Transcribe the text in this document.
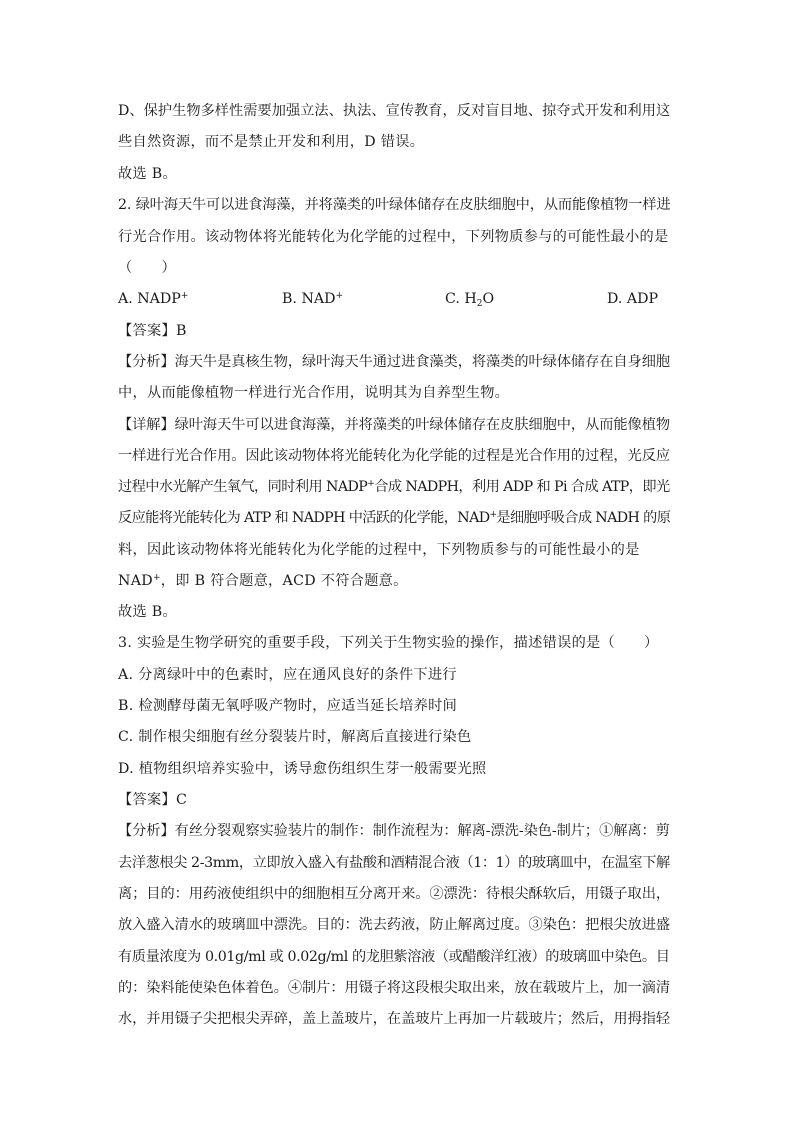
D、保护生物多样性需要加强立法、执法、宣传教育，反对盲目地、掠夺式开发和利用这
些自然资源，而不是禁止开发和利用，D 错误。
故选 B。
2. 绿叶海天牛可以进食海藻，并将藻类的叶绿体储存在皮肤细胞中，从而能像植物一样进
行光合作用。该动物体将光能转化为化学能的过程中，下列物质参与的可能性最小的是
（　　）
A. NADP+	B. NAD+	C. $H_2O$	D. ADP
【答案】B
【分析】海天牛是真核生物，绿叶海天牛通过进食藻类，将藻类的叶绿体储存在自身细胞
中，从而能像植物一样进行光合作用，说明其为自养型生物。
【详解】绿叶海天牛可以进食海藻，并将藻类的叶绿体储存在皮肤细胞中，从而能像植物
一样进行光合作用。因此该动物体将光能转化为化学能的过程是光合作用的过程，光反应
过程中水光解产生氧气，同时利用 NADP+合成 NADPH，利用 ADP 和 Pi 合成 ATP，即光
反应能将光能转化为 ATP 和 NADPH 中活跃的化学能，NAD+是细胞呼吸合成 NADH 的原
料，因此该动物体将光能转化为化学能的过程中，下列物质参与的可能性最小的是
NAD+，即 B 符合题意，ACD 不符合题意。
故选 B。
3. 实验是生物学研究的重要手段，下列关于生物实验的操作，描述错误的是（　　）
A. 分离绿叶中的色素时，应在通风良好的条件下进行
B. 检测酵母菌无氧呼吸产物时，应适当延长培养时间
C. 制作根尖细胞有丝分裂装片时，解离后直接进行染色
D. 植物组织培养实验中，诱导愈伤组织生芽一般需要光照
【答案】C
【分析】有丝分裂观察实验装片的制作：制作流程为：解离-漂洗-染色-制片；①解离：剪
去洋葱根尖 2-3mm，立即放入盛入有盐酸和酒精混合液（1：1）的玻璃皿中，在温室下解
离；目的：用药液使组织中的细胞相互分离开来。②漂洗：待根尖酥软后，用镊子取出，
放入盛入清水的玻璃皿中漂洗。目的：洗去药液，防止解离过度。③染色：把根尖放进盛
有质量浓度为 0.01g/ml 或 0.02g/ml 的龙胆紫溶液（或醋酸洋红液）的玻璃皿中染色。目
的：染料能使染色体着色。④制片：用镊子将这段根尖取出来，放在载玻片上，加一滴清
水，并用镊子尖把根尖弄碎，盖上盖玻片，在盖玻片上再加一片载玻片；然后，用拇指轻
